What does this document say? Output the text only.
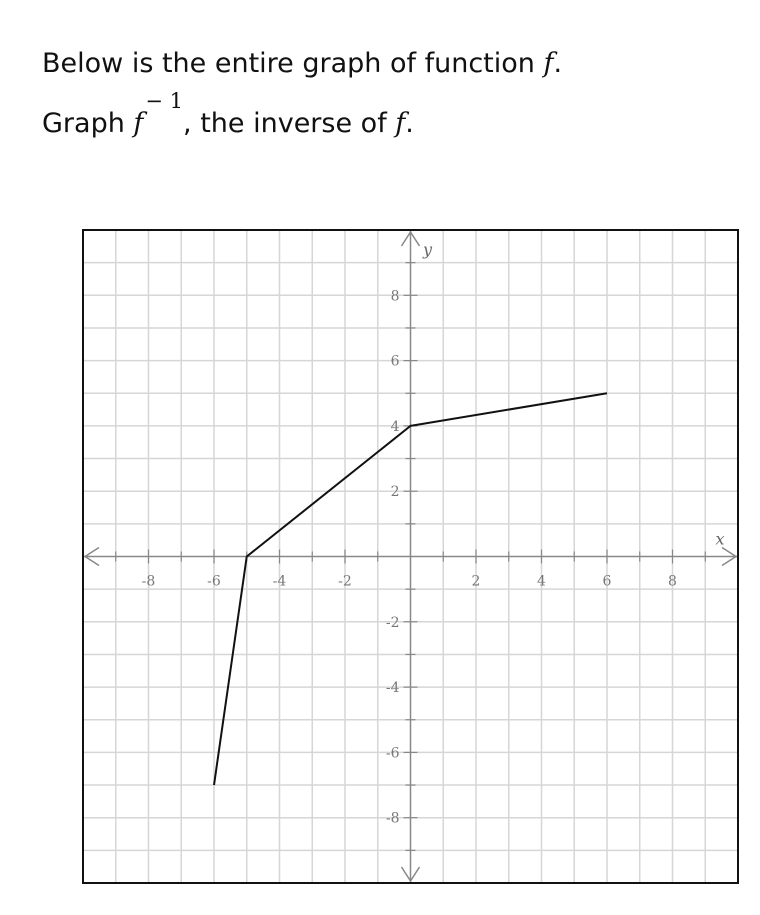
Below is the entire graph of function f.
Graph $f^{- 1}$, the inverse of f.
-8	-6	-4	-2	2	4	6	8
-8
-6
-4
-2
2
4
6
8
x
y
